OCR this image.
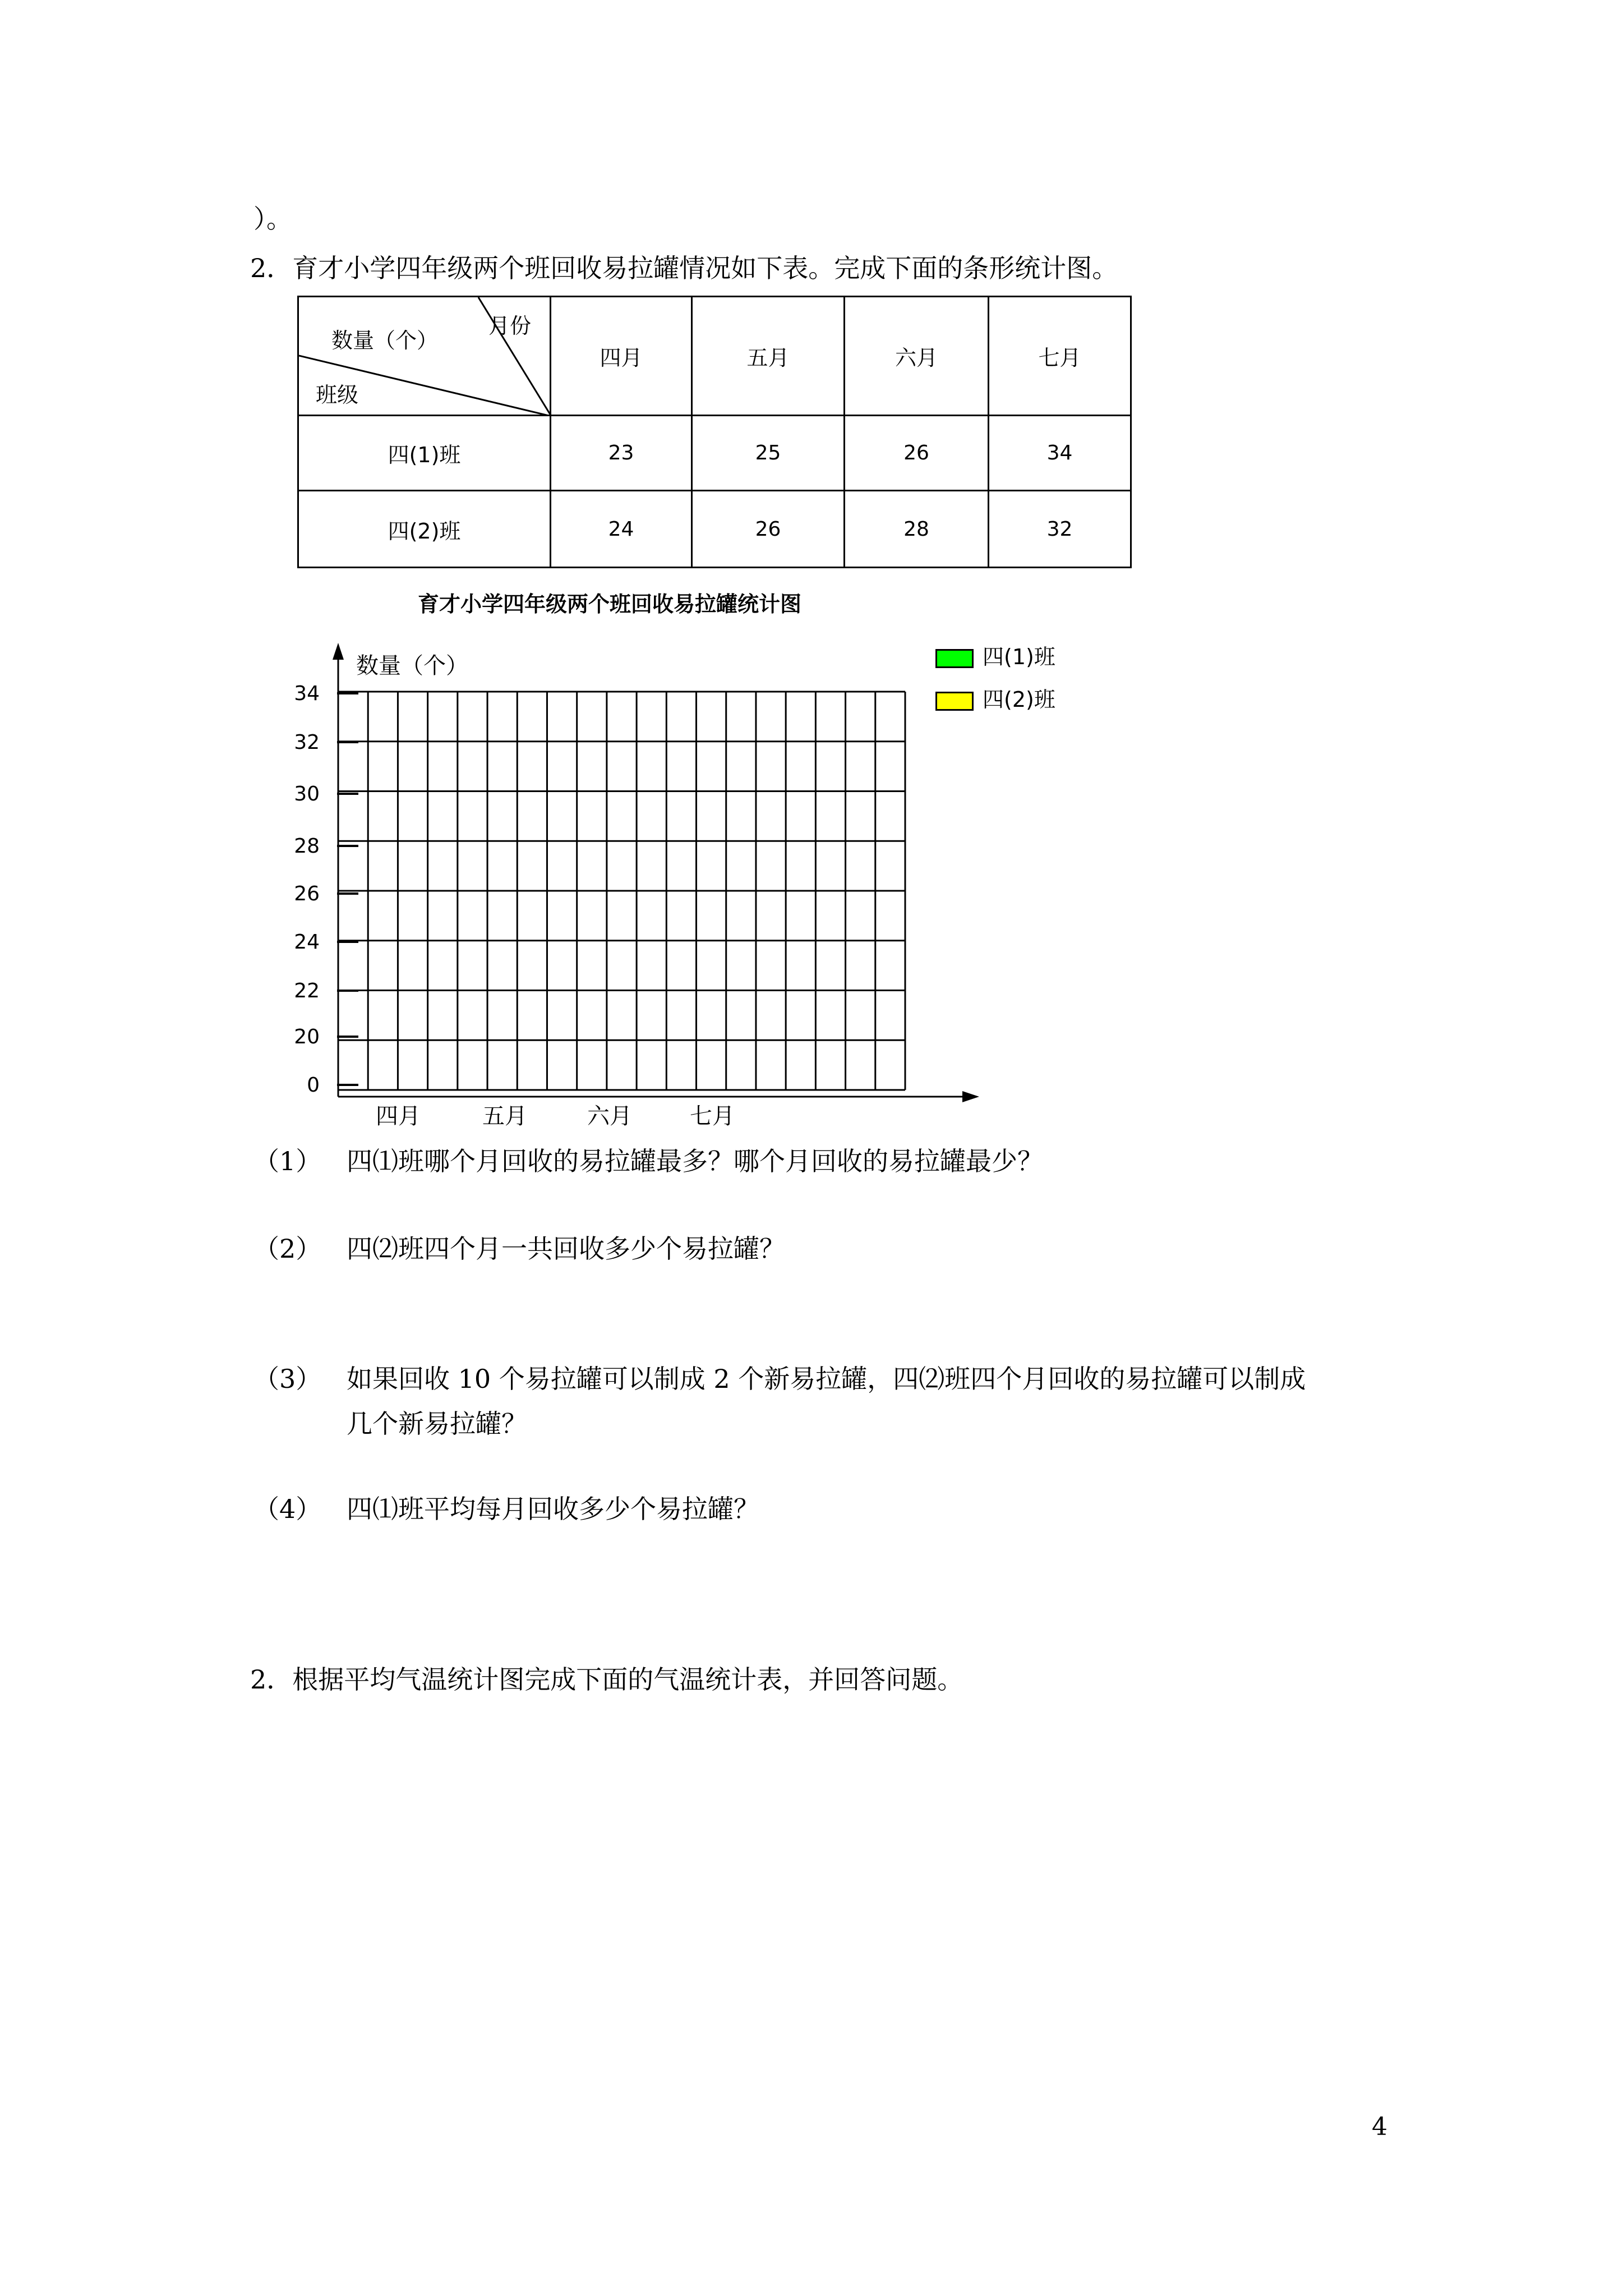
）。
2．育才小学四年级两个班回收易拉罐情况如下表。完成下面的条形统计图。
月份
数量（个）
班级	四月	五月	六月	七月
四(1)班	23	25	26	34
四(2)班	24	26	28	32
育才小学四年级两个班回收易拉罐统计图
数量（个）
34
32
30
28
26
24
22
20
0
四月	五月	六月	七月
四(1)班
四(2)班
（1） 四⑴班哪个月回收的易拉罐最多？哪个月回收的易拉罐最少？
（2） 四⑵班四个月一共回收多少个易拉罐？
（3） 如果回收 10 个易拉罐可以制成 2 个新易拉罐，四⑵班四个月回收的易拉罐可以制成
几个新易拉罐？
（4） 四⑴班平均每月回收多少个易拉罐？
2．根据平均气温统计图完成下面的气温统计表，并回答问题。
4
